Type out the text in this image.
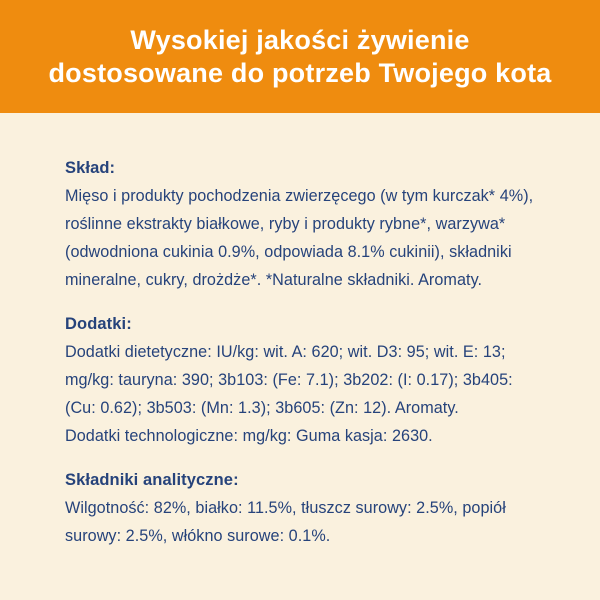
Wysokiej jakości żywienie
dostosowane do potrzeb Twojego kota
Skład:

Mięso i produkty pochodzenia zwierzęcego (w tym kurczak* 4%), roślinne ekstrakty białkowe, ryby i produkty rybne*, warzywa* (odwodniona cukinia 0.9%, odpowiada 8.1% cukinii), składniki mineralne, cukry, drożdże*. *Naturalne składniki. Aromaty.

Dodatki:

Dodatki dietetyczne: IU/kg: wit. A: 620; wit. D3: 95; wit. E: 13; mg/kg: tauryna: 390; 3b103: (Fe: 7.1); 3b202: (I: 0.17); 3b405: (Cu: 0.62); 3b503: (Mn: 1.3); 3b605: (Zn: 12). Aromaty.

Dodatki technologiczne: mg/kg: Guma kasja: 2630.

Składniki analityczne:

Wilgotność: 82%, białko: 11.5%, tłuszcz surowy: 2.5%, popiół surowy: 2.5%, włókno surowe: 0.1%.
